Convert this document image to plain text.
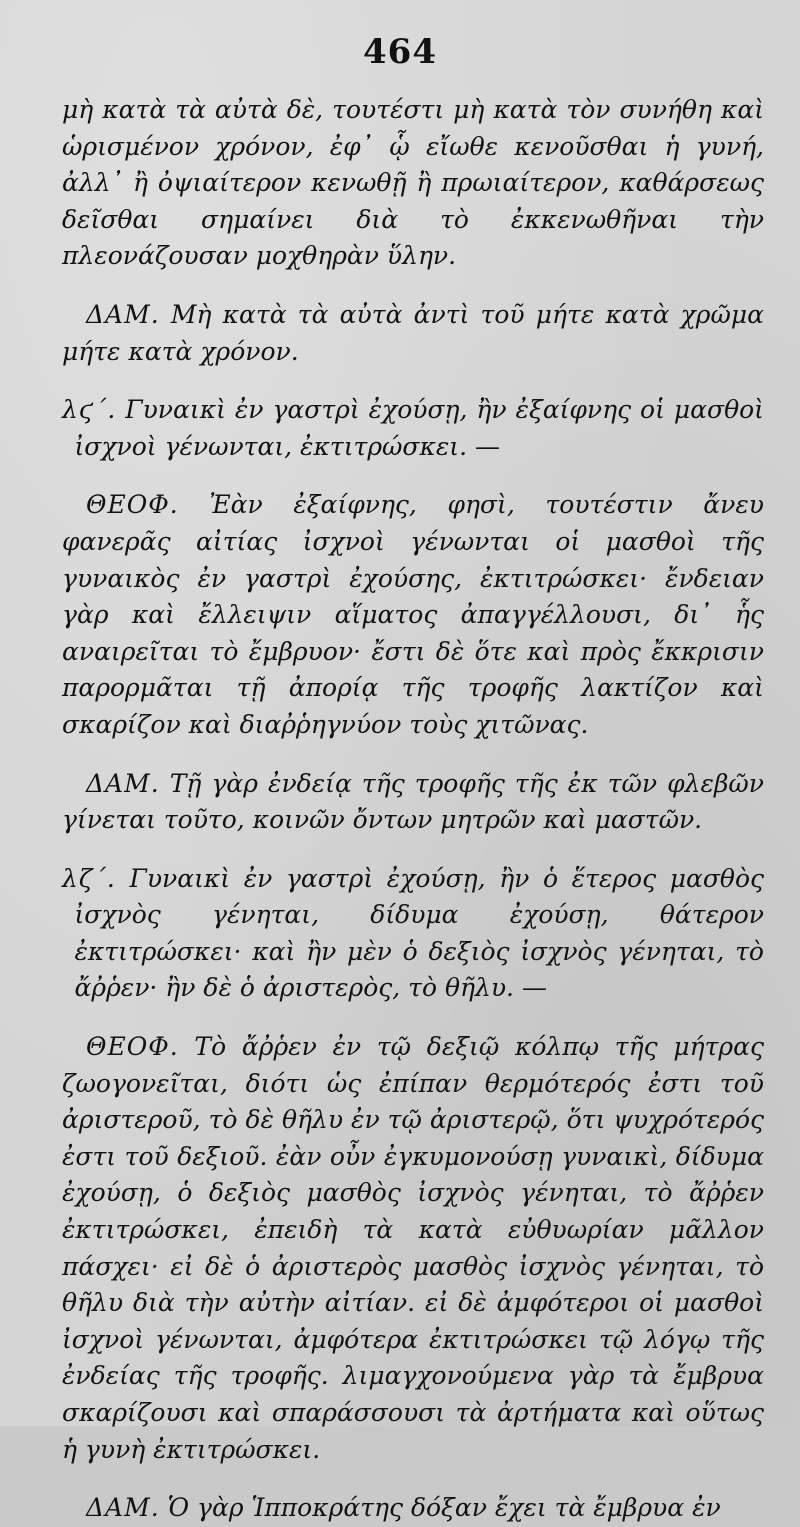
464

μὴ κατὰ τὰ αὐτὰ δὲ, τουτέστι μὴ κατὰ τὸν συνήθη καὶ ὡρισμένον χρόνον, ἐφ᾽ ᾧ εἴωθε κενοῦσθαι ἡ γυνή, ἀλλ᾽ ἢ ὀψιαίτερον κενωθῇ ἢ πρωιαίτερον, καθάρσεως δεῖσθαι σημαίνει διὰ τὸ ἐκκενωθῆναι τὴν πλεονάζουσαν μοχθηρὰν ὕλην.

ΔΑΜ. Μὴ κατὰ τὰ αὐτὰ ἀντὶ τοῦ μήτε κατὰ χρῶμα μήτε κατὰ χρόνον.

λϛ΄. Γυναικὶ ἐν γαστρὶ ἐχούσῃ, ἢν ἐξαίφνης οἱ μασθοὶ ἰσχνοὶ γένωνται, ἐκτιτρώσκει. —

ΘΕΟΦ. Ἐὰν ἐξαίφνης, φησὶ, τουτέστιν ἄνευ φανερᾶς αἰτίας ἰσχνοὶ γένωνται οἱ μασθοὶ τῆς γυναικὸς ἐν γαστρὶ ἐχούσης, ἐκτιτρώσκει· ἔνδειαν γὰρ καὶ ἔλλειψιν αἵματος ἀπαγγέλλουσι, δι᾽ ἧς αναιρεῖται τὸ ἔμβρυον· ἔστι δὲ ὅτε καὶ πρὸς ἔκκρισιν παρορμᾶται τῇ ἀπορίᾳ τῆς τροφῆς λακτίζον καὶ σκαρίζον καὶ διαῤῥηγνύον τοὺς χιτῶνας.

ΔΑΜ. Τῇ γὰρ ἐνδείᾳ τῆς τροφῆς τῆς ἐκ τῶν φλεβῶν γίνεται τοῦτο, κοινῶν ὄντων μητρῶν καὶ μαστῶν.

λζ΄. Γυναικὶ ἐν γαστρὶ ἐχούσῃ, ἢν ὁ ἕτερος μασθὸς ἰσχνὸς γένηται, δίδυμα ἐχούσῃ, θάτερον ἐκτιτρώσκει· καὶ ἢν μὲν ὁ δεξιὸς ἰσχνὸς γένηται, τὸ ἄῤῥεν· ἢν δὲ ὁ ἀριστερὸς, τὸ θῆλυ. —

ΘΕΟΦ. Τὸ ἄῤῥεν ἐν τῷ δεξιῷ κόλπῳ τῆς μήτρας ζωογονεῖται, διότι ὡς ἐπίπαν θερμότερός ἐστι τοῦ ἀριστεροῦ, τὸ δὲ θῆλυ ἐν τῷ ἀριστερῷ, ὅτι ψυχρότερός ἐστι τοῦ δεξιοῦ. ἐὰν οὖν ἐγκυμονούσῃ γυναικὶ, δίδυμα ἐχούσῃ, ὁ δεξιὸς μασθὸς ἰσχνὸς γένηται, τὸ ἄῤῥεν ἐκτιτρώσκει, ἐπειδὴ τὰ κατὰ εὐθυωρίαν μᾶλλον πάσχει· εἰ δὲ ὁ ἀριστερὸς μασθὸς ἰσχνὸς γένηται, τὸ θῆλυ διὰ τὴν αὐτὴν αἰτίαν. εἰ δὲ ἀμφότεροι οἱ μασθοὶ ἰσχνοὶ γένωνται, ἀμφότερα ἐκτιτρώσκει τῷ λόγῳ τῆς ἐνδείας τῆς τροφῆς. λιμαγχονούμενα γὰρ τὰ ἔμβρυα σκαρίζουσι καὶ σπαράσσουσι τὰ ἀρτήματα καὶ οὕτως ἡ γυνὴ ἐκτιτρώσκει.

ΔΑΜ. Ὁ γὰρ Ἱπποκράτης δόξαν ἔχει τὰ ἔμβρυα ἐν
